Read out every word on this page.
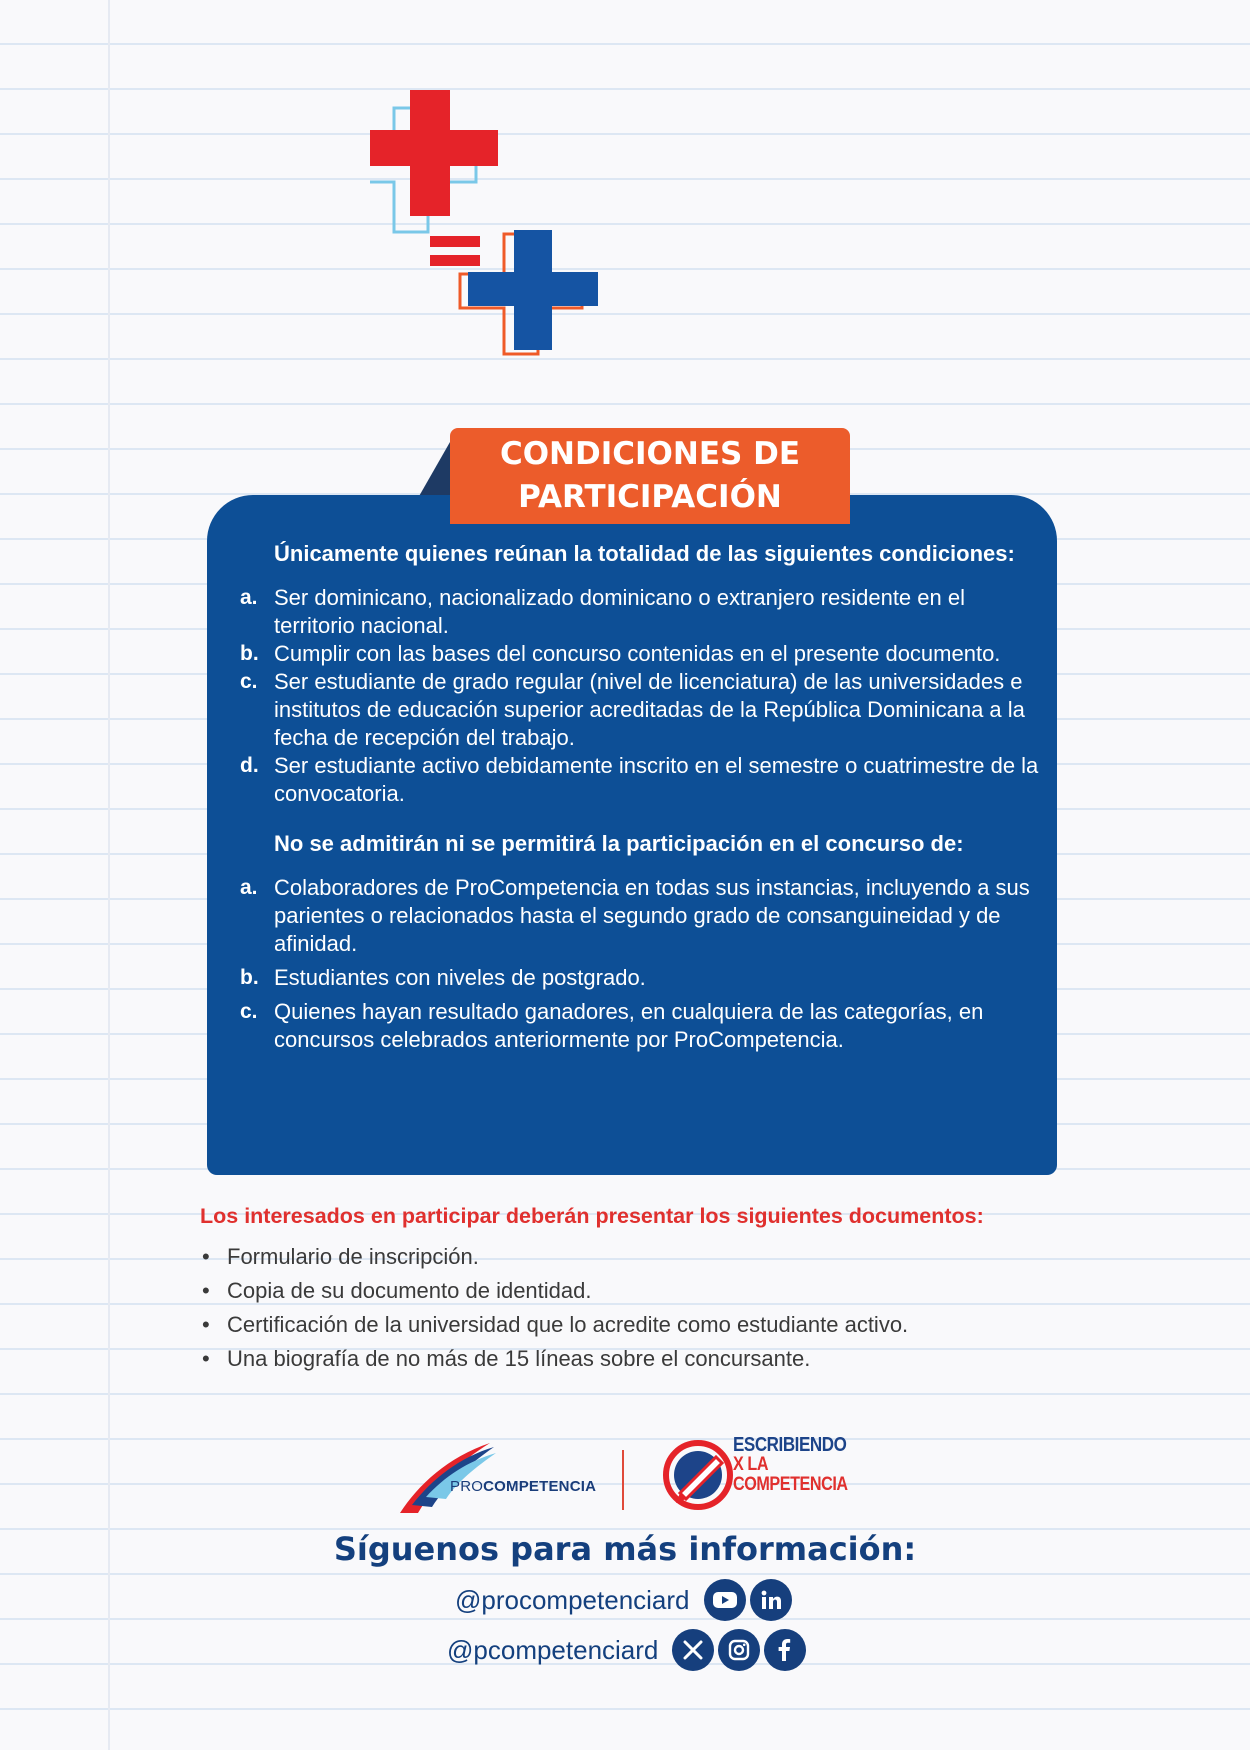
EDUCACIÓN
LIBRE
COMPETENCIA
CONDICIONES DE
PARTICIPACIÓN

Únicamente quienes reúnan la totalidad de las siguientes condiciones:

a. Ser dominicano, nacionalizado dominicano o extranjero residente en el territorio nacional.
b. Cumplir con las bases del concurso contenidas en el presente documento.
c. Ser estudiante de grado regular (nivel de licenciatura) de las universidades e institutos de educación superior acreditadas de la República Dominicana a la fecha de recepción del trabajo.
d. Ser estudiante activo debidamente inscrito en el semestre o cuatrimestre de la convocatoria.

No se admitirán ni se permitirá la participación en el concurso de:

a. Colaboradores de ProCompetencia en todas sus instancias, incluyendo a sus parientes o relacionados hasta el segundo grado de consanguineidad y de afinidad.
b. Estudiantes con niveles de postgrado.
c. Quienes hayan resultado ganadores, en cualquiera de las categorías, en concursos celebrados anteriormente por ProCompetencia.

Los interesados en participar deberán presentar los siguientes documentos:

• Formulario de inscripción.
• Copia de su documento de identidad.
• Certificación de la universidad que lo acredite como estudiante activo.
• Una biografía de no más de 15 líneas sobre el concursante.
PROCOMPETENCIA
ESCRIBIENDO
X LA COMPETENCIA
Síguenos para más información:
@procompetenciard
@pcompetenciard
